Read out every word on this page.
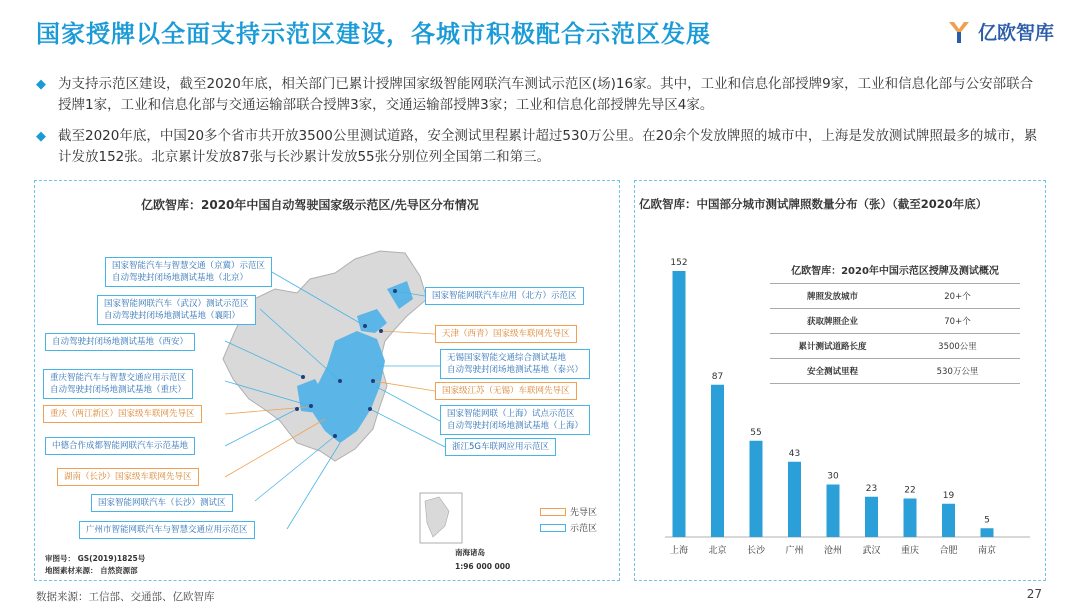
国家授牌以全面支持示范区建设，各城市积极配合示范区发展	亿欧智库
◆ 为支持示范区建设，截至2020年底，相关部门已累计授牌国家级智能网联汽车测试示范区(场)16家。其中，工业和信息化部授牌9家，工业和信息化部与公安部联合授牌1家，工业和信息化部与交通运输部联合授牌3家，交通运输部授牌3家；工业和信息化部授牌先导区4家。
◆ 截至2020年底，中国20多个省市共开放3500公里测试道路，安全测试里程累计超过530万公里。在20余个发放牌照的城市中，上海是发放测试牌照最多的城市，累计发放152张。北京累计发放87张与长沙累计发放55张分别位列全国第二和第三。
亿欧智库：2020年中国自动驾驶国家级示范区/先导区分布情况
国家智能汽车与智慧交通（京冀）示范区
自动驾驶封闭场地测试基地（北京）
国家智能网联汽车（武汉）测试示范区
自动驾驶封闭场地测试基地（襄阳）
自动驾驶封闭场地测试基地（西安）
重庆智能汽车与智慧交通应用示范区
自动驾驶封闭场地测试基地（重庆）
重庆（两江新区）国家级车联网先导区
中德合作成都智能网联汽车示范基地
湖南（长沙）国家级车联网先导区
国家智能网联汽车（长沙）测试区
广州市智能网联汽车与智慧交通应用示范区
国家智能网联汽车应用（北方）示范区
天津（西青）国家级车联网先导区
无锡国家智能交通综合测试基地
自动驾驶封闭场地测试基地（泰兴）
国家级江苏（无锡）车联网先导区
国家智能网联（上海）试点示范区
自动驾驶封闭场地测试基地（上海）
浙江5G车联网应用示范区
先导区
示范区
南海诸岛
1:96 000 000
审图号： GS(2019)1825号
地图素材来源： 自然资源部
亿欧智库：中国部分城市测试牌照数量分布（张）（截至2020年底）
152
上海
87
北京
55
长沙
43
广州
30
沧州
23
武汉
22
重庆
19
合肥
5
南京
亿欧智库：2020年中国示范区授牌及测试概况
牌照发放城市	20+个
获取牌照企业	70+个
累计测试道路长度	3500公里
安全测试里程	530万公里
数据来源：工信部、交通部、亿欧智库	27
